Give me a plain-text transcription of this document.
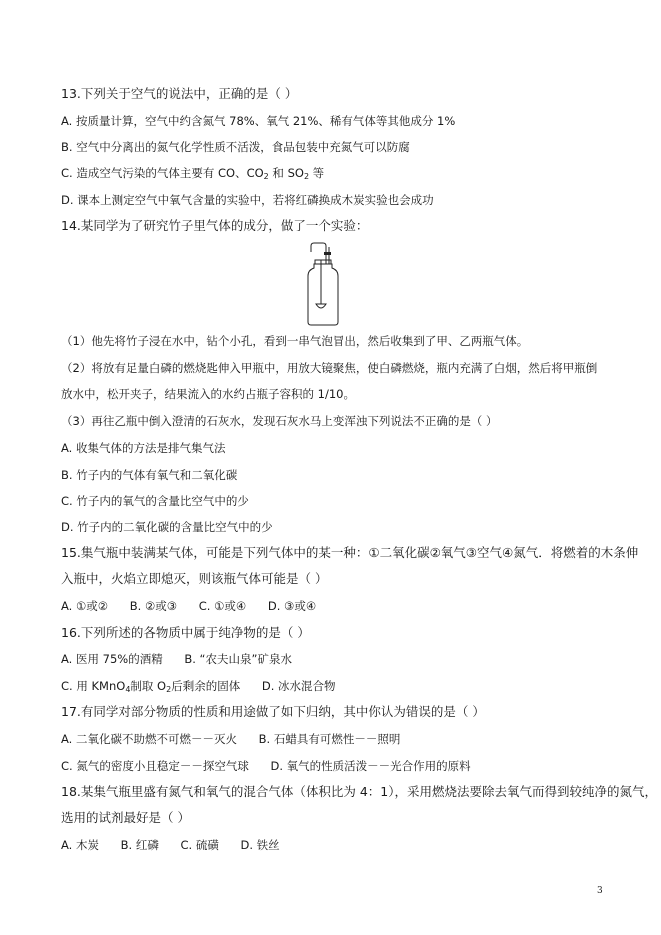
13.下列关于空气的说法中，正确的是（ ）
A. 按质量计算，空气中约含氮气 78%、氧气 21%、稀有气体等其他成分 1%
B. 空气中分离出的氮气化学性质不活泼，食品包装中充氮气可以防腐
C. 造成空气污染的气体主要有 CO、$CO_2$ 和 $SO_2$ 等
D. 课本上测定空气中氧气含量的实验中，若将红磷换成木炭实验也会成功
14.某同学为了研究竹子里气体的成分，做了一个实验：
（1）他先将竹子浸在水中，钻个小孔，看到一串气泡冒出，然后收集到了甲、乙两瓶气体。
（2）将放有足量白磷的燃烧匙伸入甲瓶中，用放大镜聚焦，使白磷燃烧，瓶内充满了白烟，然后将甲瓶倒
放水中，松开夹子，结果流入的水约占瓶子容积的 1/10。
（3）再往乙瓶中倒入澄清的石灰水，发现石灰水马上变浑浊下列说法不正确的是（ ）
A. 收集气体的方法是排气集气法
B. 竹子内的气体有氧气和二氧化碳
C. 竹子内的氧气的含量比空气中的少
D. 竹子内的二氧化碳的含量比空气中的少
15.集气瓶中装满某气体，可能是下列气体中的某一种：①二氧化碳②氧气③空气④氮气．将燃着的木条伸
入瓶中，火焰立即熄灭，则该瓶气体可能是（ ）
A. ①或② B. ②或③ C. ①或④ D. ③或④
16.下列所述的各物质中属于纯净物的是（ ）
A. 医用 75%的酒精 B. “农夫山泉”矿泉水
C. 用 KMnO$_4$制取 $O_2$后剩余的固体 D. 冰水混合物
17.有同学对部分物质的性质和用途做了如下归纳，其中你认为错误的是（ ）
A. 二氧化碳不助燃不可燃－－灭火 B. 石蜡具有可燃性－－照明
C. 氮气的密度小且稳定－－探空气球 D. 氧气的性质活泼－－光合作用的原料
18.某集气瓶里盛有氮气和氧气的混合气体（体积比为 4：1），采用燃烧法要除去氧气而得到较纯净的氮气，
选用的试剂最好是（ ）
A. 木炭 B. 红磷 C. 硫磺 D. 铁丝
3
